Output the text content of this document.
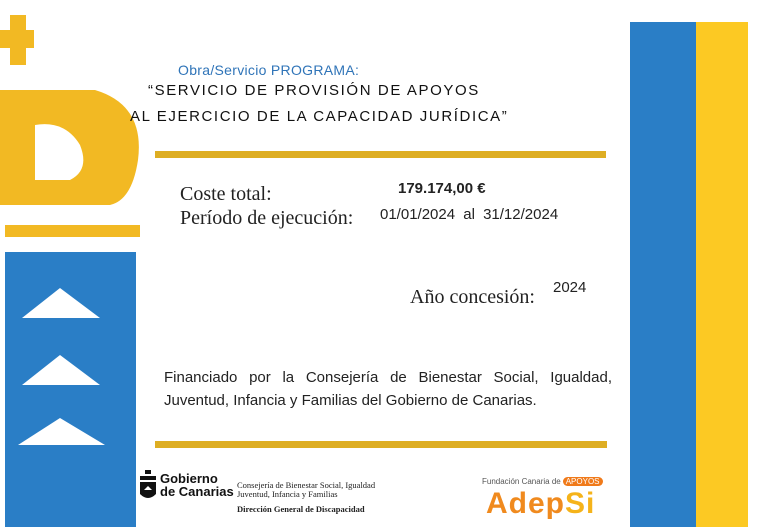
Obra/Servicio PROGRAMA:
“SERVICIO DE PROVISIÓN DE APOYOS
AL EJERCICIO DE LA CAPACIDAD JURÍDICA”
Coste total:	179.174,00 €
Período de ejecución: 01/01/2024 al 31/12/2024
Año concesión: 2024
Financiado por la Consejería de Bienestar Social, Igualdad, Juventud, Infancia y Familias del Gobierno de Canarias.
Gobierno
de Canarias Consejería de Bienestar Social, Igualdad
Juventud, Infancia y Familias
Dirección General de Discapacidad
Fundación Canaria de APOYOS
AdepSi
